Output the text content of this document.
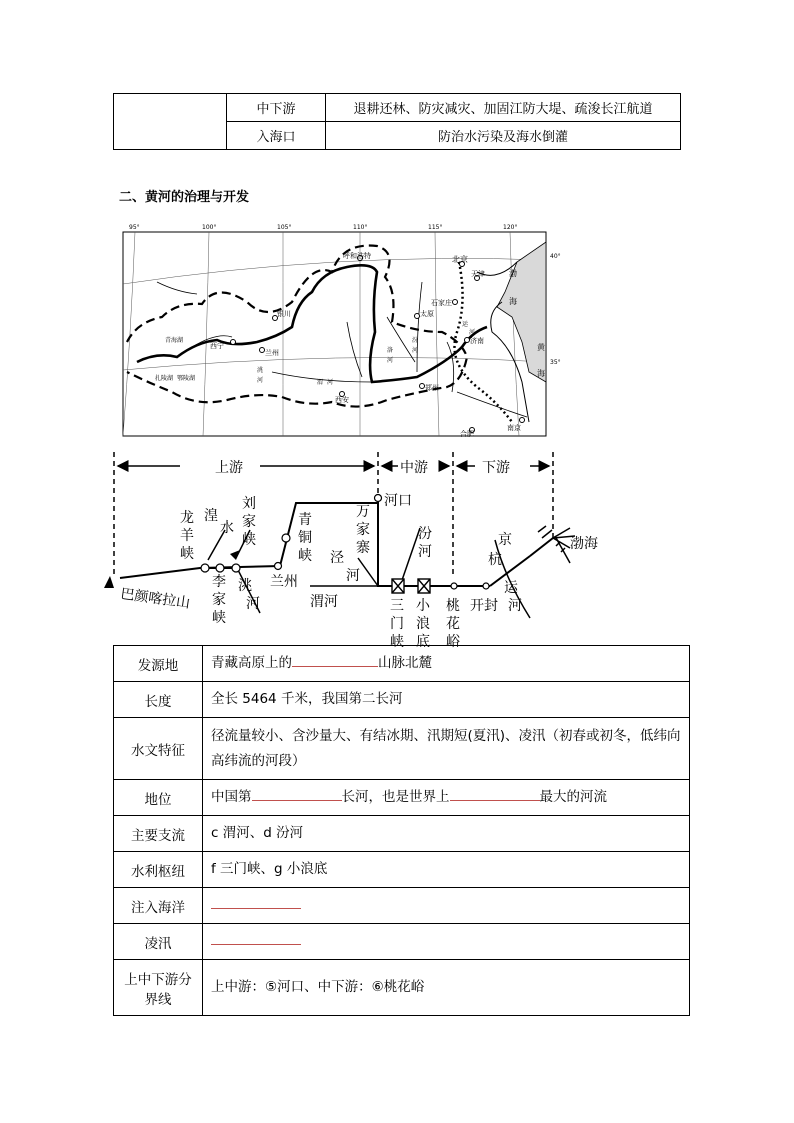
	中下游	退耕还林、防灾减灾、加固江防大堤、疏浚长江航道
	入海口	防治水污染及海水倒灌
二、黄河的治理与开发
95°	100°	105°	110°	115°	120°
40°
35°
呼和浩特	北京
天津
石家庄
太原
银川
西宁
兰州
郑州
济南
西安
南京
合肥
青海湖
扎陵湖 鄂陵湖
渤
海
黄
海
汾
河
渭 河
洮
河
运
河
洛
河
上游	中游	下游
巴颜喀拉山
龙
羊
峡
湟
水
刘
家
峡
李
家
峡
洮
河
兰州
青
铜
峡
万
家
寨
河口
泾
河
渭河
汾
河
三
门
峡
小
浪
底
桃
花
峪
开封
京
杭
运
河
渤海
发源地	青藏高原上的 山脉北麓
长度	全长 5464 千米，我国第二长河
水文特征	径流量较小、含沙量大、有结冰期、汛期短(夏汛)、凌汛（初春或初冬，低纬向高纬流的河段）
地位	中国第 长河，也是世界上 最大的河流
主要支流	c 渭河、d 汾河
水利枢纽	f 三门峡、g 小浪底
注入海洋	
凌汛	
上中下游分界线	上中游：⑤河口、中下游：⑥桃花峪
